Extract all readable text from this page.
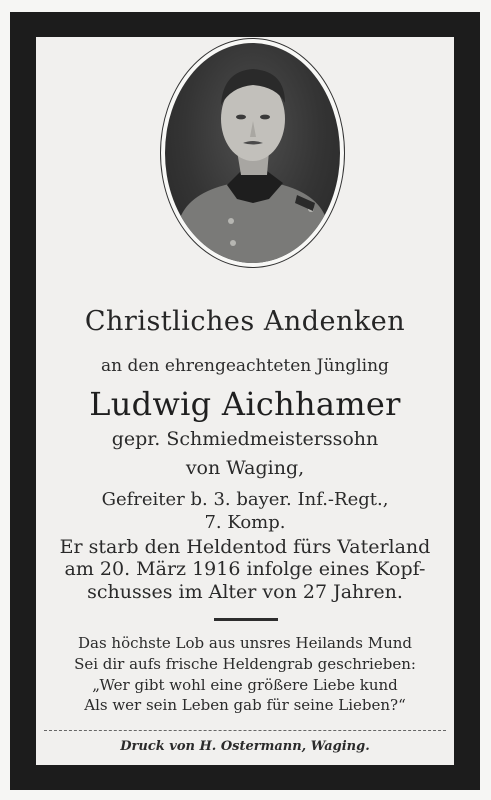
Christliches Andenken
an den ehrengeachteten Jüngling
Ludwig Aichhamer
gepr. Schmiedmeisterssohn
von Waging,
Gefreiter b. 3. bayer. Inf.-Regt.,
7. Komp.
Er starb den Heldentod fürs Vaterland
am 20. März 1916 infolge eines Kopf-
schusses im Alter von 27 Jahren.
Das höchste Lob aus unsres Heilands Mund
Sei dir aufs frische Heldengrab geschrieben:
„Wer gibt wohl eine größere Liebe kund
Als wer sein Leben gab für seine Lieben?“
Druck von H. Ostermann, Waging.
